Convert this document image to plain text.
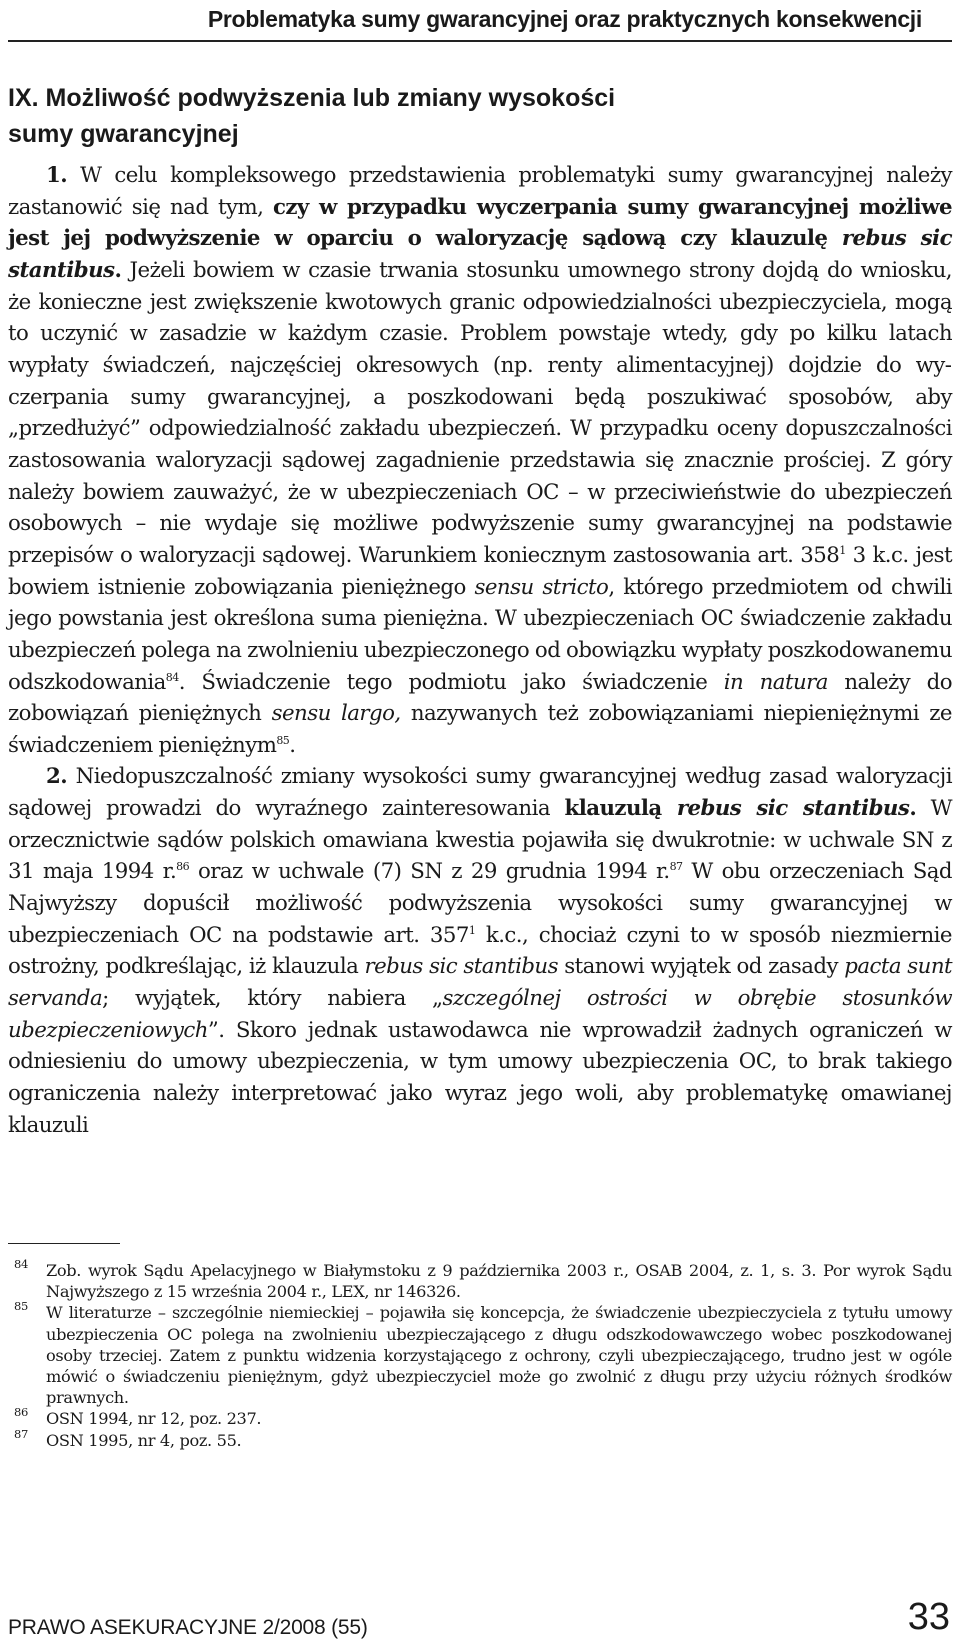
Problematyka sumy gwarancyjnej oraz praktycznych konsekwencji
IX. Możliwość podwyższenia lub zmiany wysokości
sumy gwarancyjnej

1. W celu kompleksowego przedstawienia problematyki sumy gwarancyjnej należy zastanowić się nad tym, czy w przypadku wyczerpania sumy gwarancyjnej możliwe jest jej podwyższenie w oparciu o waloryzację sądową czy klauzulę rebus sic stantibus. Jeżeli bowiem w czasie trwania stosunku umownego strony dojdą do wniosku, że konieczne jest zwiększenie kwotowych granic odpowiedzialności ubezpieczyciela, mogą to uczynić w zasadzie w każdym czasie. Problem powstaje wtedy, gdy po kilku latach wypłaty świadczeń, najczęściej okresowych (np. renty alimentacyjnej) dojdzie do wyczerpania sumy gwarancyjnej, a poszkodowani będą poszukiwać sposobów, aby „przedłużyć” odpowiedzialność zakładu ubezpieczeń. W przypadku oceny dopuszczalności zastosowania waloryzacji sądowej zagadnienie przedstawia się znacznie prościej. Z góry należy bowiem zauważyć, że w ubezpieczeniach OC – w przeciwieństwie do ubezpieczeń osobowych – nie wydaje się możliwe podwyższenie sumy gwarancyjnej na podstawie przepisów o waloryzacji sądowej. Warunkiem koniecznym zastosowania art. $358^1$ 3 k.c. jest bowiem istnienie zobowiązania pieniężnego sensu stricto, którego przedmiotem od chwili jego powstania jest określona suma pieniężna. W ubezpieczeniach OC świadczenie zakładu ubezpieczeń polega na zwolnieniu ubezpieczonego od obowiązku wypłaty poszkodowanemu odszkodowania$^{84}$. Świadczenie tego podmiotu jako świadczenie in natura należy do zobowiązań pieniężnych sensu largo, nazywanych też zobowiązaniami niepieniężnymi ze świadczeniem pieniężnym$^{85}$.

2. Niedopuszczalność zmiany wysokości sumy gwarancyjnej według zasad waloryzacji sądowej prowadzi do wyraźnego zainteresowania klauzulą rebus sic stantibus. W orzecznictwie sądów polskich omawiana kwestia pojawiła się dwukrotnie: w uchwale SN z 31 maja 1994 r.$^{86}$ oraz w uchwale (7) SN z 29 grudnia 1994 r.$^{87}$ W obu orzeczeniach Sąd Najwyższy dopuścił możliwość podwyższenia wysokości sumy gwarancyjnej w ubezpieczeniach OC na podstawie art. $357^1$ k.c., chociaż czyni to w sposób niezmiernie ostrożny, podkreślając, iż klauzula rebus sic stantibus stanowi wyjątek od zasady pacta sunt servanda; wyjątek, który nabiera „szczególnej ostrości w obrębie stosunków ubezpieczeniowych”. Skoro jednak ustawodawca nie wprowadził żadnych ograniczeń w odniesieniu do umowy ubezpieczenia, w tym umowy ubezpieczenia OC, to brak takiego ograniczenia należy interpretować jako wyraz jego woli, aby problematykę omawianej klauzuli

84 Zob. wyrok Sądu Apelacyjnego w Białymstoku z 9 października 2003 r., OSAB 2004, z. 1, s. 3. Por wyrok Sądu Najwyższego z 15 września 2004 r., LEX, nr 146326.
85 W literaturze – szczególnie niemieckiej – pojawiła się koncepcja, że świadczenie ubezpieczyciela z tytułu umowy ubezpieczenia OC polega na zwolnieniu ubezpieczającego z długu odszkodowawczego wobec poszkodowanej osoby trzeciej. Zatem z punktu widzenia korzystającego z ochrony, czyli ubezpieczającego, trudno jest w ogóle mówić o świadczeniu pieniężnym, gdyż ubezpieczyciel może go zwolnić z długu przy użyciu różnych środków prawnych.
86 OSN 1994, nr 12, poz. 237.
87 OSN 1995, nr 4, poz. 55.
PRAWO ASEKURACYJNE 2/2008 (55)	33
